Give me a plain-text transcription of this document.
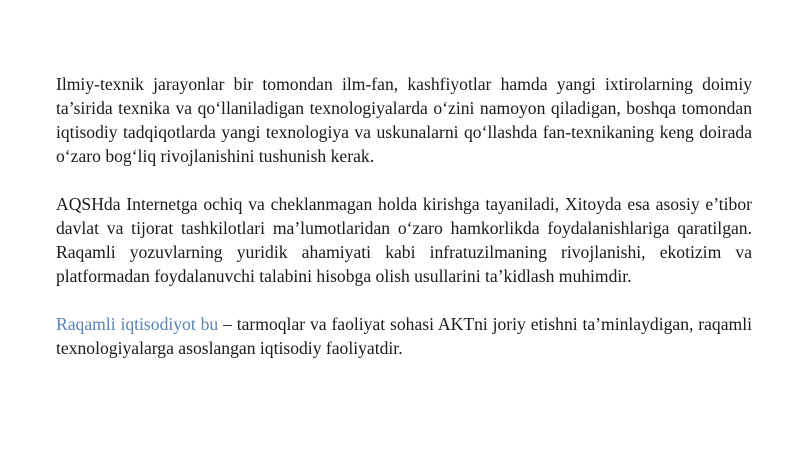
Ilmiy-texnik jarayonlar bir tomondan ilm-fan, kashfiyotlar hamda yangi ixtirolarning doimiy ta’sirida texnika va qo‘llaniladigan texnologiyalarda o‘zini namoyon qiladigan, boshqa tomondan iqtisodiy tadqiqotlarda yangi texnologiya va uskunalarni qo‘llashda fan-texnikaning keng doirada o‘zaro bog‘liq rivojlanishini tushunish kerak.

AQSHda Internetga ochiq va cheklanmagan holda kirishga tayaniladi, Xitoyda esa asosiy e’tibor davlat va tijorat tashkilotlari ma’lumotlaridan o‘zaro hamkorlikda foydalanishlariga qaratilgan. Raqamli yozuvlarning yuridik ahamiyati kabi infratuzilmaning rivojlanishi, ekotizim va platformadan foydalanuvchi talabini hisobga olish usullarini ta’kidlash muhimdir.

Raqamli iqtisodiyot bu – tarmoqlar va faoliyat sohasi AKTni joriy etishni ta’minlaydigan, raqamli texnologiyalarga asoslangan iqtisodiy faoliyatdir.
